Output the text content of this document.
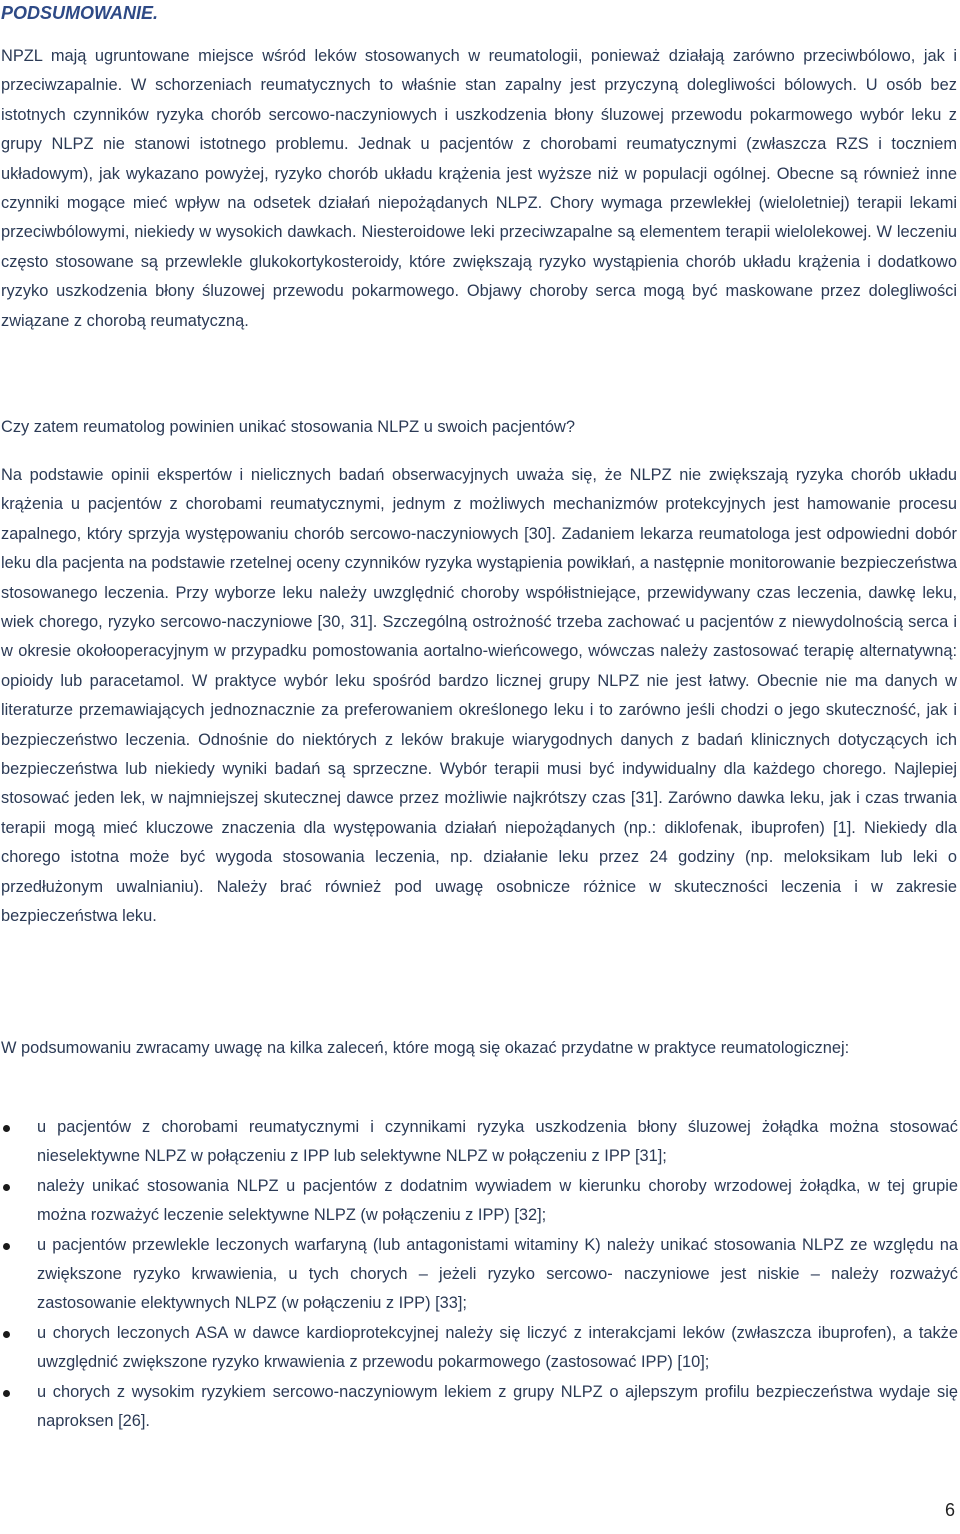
PODSUMOWANIE.

NPZL mają ugruntowane miejsce wśród leków stosowanych w reumatologii, ponieważ działają zarówno przeciwbólowo, jak i przeciwzapalnie. W schorzeniach reumatycznych to właśnie stan zapalny jest przyczyną dolegliwości bólowych. U osób bez istotnych czynników ryzyka chorób sercowo-naczyniowych i uszkodzenia błony śluzowej przewodu pokarmowego wybór leku z grupy NLPZ nie stanowi istotnego problemu. Jednak u pacjentów z chorobami reumatycznymi (zwłaszcza RZS i toczniem układowym), jak wykazano powyżej, ryzyko chorób układu krążenia jest wyższe niż w populacji ogólnej. Obecne są również inne czynniki mogące mieć wpływ na odsetek działań niepożądanych NLPZ. Chory wymaga przewlekłej (wieloletniej) terapii lekami przeciwbólowymi, niekiedy w wysokich dawkach. Niesteroidowe leki przeciwzapalne są elementem terapii wielolekowej. W leczeniu często stosowane są przewlekle glukokortykosteroidy, które zwiększają ryzyko wystąpienia chorób układu krążenia i dodatkowo ryzyko uszkodzenia błony śluzowej przewodu pokarmowego. Objawy choroby serca mogą być maskowane przez dolegliwości związane z chorobą reumatyczną.

Czy zatem reumatolog powinien unikać stosowania NLPZ u swoich pacjentów?

Na podstawie opinii ekspertów i nielicznych badań obserwacyjnych uważa się, że NLPZ nie zwiększają ryzyka chorób układu krążenia u pacjentów z chorobami reumatycznymi, jednym z możliwych mechanizmów protekcyjnych jest hamowanie procesu zapalnego, który sprzyja występowaniu chorób sercowo-naczyniowych [30]. Zadaniem lekarza reumatologa jest odpowiedni dobór leku dla pacjenta na podstawie rzetelnej oceny czynników ryzyka wystąpienia powikłań, a następnie monitorowanie bezpieczeństwa stosowanego leczenia. Przy wyborze leku należy uwzględnić choroby współistniejące, przewidywany czas leczenia, dawkę leku, wiek chorego, ryzyko sercowo-naczyniowe [30, 31]. Szczególną ostrożność trzeba zachować u pacjentów z niewydolnością serca i w okresie okołooperacyjnym w przypadku pomostowania aortalno-wieńcowego, wówczas należy zastosować terapię alternatywną: opioidy lub paracetamol. W praktyce wybór leku spośród bardzo licznej grupy NLPZ nie jest łatwy. Obecnie nie ma danych w literaturze przemawiających jednoznacznie za preferowaniem określonego leku i to zarówno jeśli chodzi o jego skuteczność, jak i bezpieczeństwo leczenia. Odnośnie do niektórych z leków brakuje wiarygodnych danych z badań klinicznych dotyczących ich bezpieczeństwa lub niekiedy wyniki badań są sprzeczne. Wybór terapii musi być indywidualny dla każdego chorego. Najlepiej stosować jeden lek, w najmniejszej skutecznej dawce przez możliwie najkrótszy czas [31]. Zarówno dawka leku, jak i czas trwania terapii mogą mieć kluczowe znaczenia dla występowania działań niepożądanych (np.: diklofenak, ibuprofen) [1]. Niekiedy dla chorego istotna może być wygoda stosowania leczenia, np. działanie leku przez 24 godziny (np. meloksikam lub leki o przedłużonym uwalnianiu). Należy brać również pod uwagę osobnicze różnice w skuteczności leczenia i w zakresie bezpieczeństwa leku.

W podsumowaniu zwracamy uwagę na kilka zaleceń, które mogą się okazać przydatne w praktyce reumatologicznej:

u pacjentów z chorobami reumatycznymi i czynnikami ryzyka uszkodzenia błony śluzowej żołądka można stosować nieselektywne NLPZ w połączeniu z IPP lub selektywne NLPZ w połączeniu z IPP [31];
należy unikać stosowania NLPZ u pacjentów z dodatnim wywiadem w kierunku choroby wrzodowej żołądka, w tej grupie można rozważyć leczenie selektywne NLPZ (w połączeniu z IPP) [32];
u pacjentów przewlekle leczonych warfaryną (lub antagonistami witaminy K) należy unikać stosowania NLPZ ze względu na zwiększone ryzyko krwawienia, u tych chorych – jeżeli ryzyko sercowo- naczyniowe jest niskie – należy rozważyć zastosowanie elektywnych NLPZ (w połączeniu z IPP) [33];
u chorych leczonych ASA w dawce kardioprotekcyjnej należy się liczyć z interakcjami leków (zwłaszcza ibuprofen), a także uwzględnić zwiększone ryzyko krwawienia z przewodu pokarmowego (zastosować IPP) [10];
u chorych z wysokim ryzykiem sercowo-naczyniowym lekiem z grupy NLPZ o ajlepszym profilu bezpieczeństwa wydaje się naproksen [26].
6
